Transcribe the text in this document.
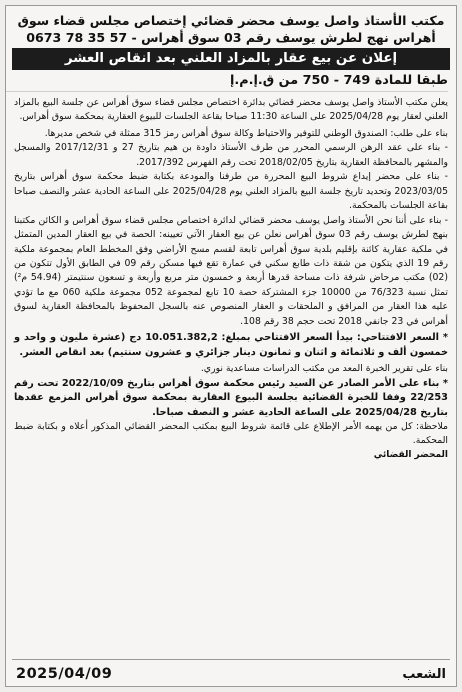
مكتب الأستاذ واصل يوسف محضر قضائي إختصاص مجلس قضاء سوق
أهراس نهج لطرش يوسف رقم 03 سوق أهراس - 57 35 78 0673
إعلان عن بيع عقار بالمزاد العلني بعد انقاص العشر
طبقا للمادة 749 - 750 من ق.إ.م.إ

يعلن مكتب الأستاذ واصل يوسف محضر قضائي بدائرة اختصاص مجلس قضاء سوق أهراس عن جلسة البيع بالمزاد العلني لعقار يوم 2025/04/28 على الساعة 11:30 صباحا بقاعة الجلسات للبيوع العقارية بمحكمة سوق أهراس.

بناء على طلب: الصندوق الوطني للتوفير والاحتياط وكالة سوق أهراس رمز 315 ممثلة في شخص مديرها.

- بناء على عقد الرهن الرسمي المحرر من طرف الأستاذ داودة بن هيم بتاريخ 27 و 2017/12/31 والمسجل والمشهر بالمحافظة العقارية بتاريخ 2018/02/05 تحت رقم الفهرس 2017/392.

- بناء على محضر إيداع شروط البيع المحررة من طرفنا والمودعة بكتابة ضبط محكمة سوق أهراس بتاريخ 2023/03/05 وتحديد تاريخ جلسة البيع بالمزاد العلني يوم 2025/04/28 على الساعة الحادية عشر والنصف صباحا بقاعة الجلسات بالمحكمة.

- بناء على أننا نحن الأستاذ واصل يوسف محضر قضائي لدائرة اختصاص مجلس قضاء سوق أهراس و الكائن مكتبنا بنهج لطرش يوسف رقم 03 سوق أهراس نعلن عن بيع العقار الآتي تعيينه: الحصة في بيع العقار المدين المتمثل في ملكية عقارية كائنة بإقليم بلدية سوق أهراس تابعة لقسم مسح الأراضي وفق المخطط العام بمجموعة ملكية رقم 19 الذي يتكون من شقة ذات طابع سكني في عمارة تقع فيها مسكن رقم 09 في الطابق الأول تتكون من (02) مكتب مرحاض شرفة ذات مساحة قدرها أربعة و خمسون متر مربع وأربعة و تسعون سنتيمتر (54.94 م²) تمثل نسبة 76/323 من 10000 جزء المشتركة حصة 10 تابع لمجموعة 052 مجموعة ملكية 060 مع ما تؤدي عليه هذا العقار من المرافق و الملحقات و العقار المنصوص عنه بالسجل المحفوظ بالمحافظة العقارية لسوق أهراس في 23 جانفي 2018 تحت حجم 38 رقم 108.

* السعر الافتتاحي: بيدأ السعر الافتتاحي بمبلغ: 10.051.382,2 دج (عشرة مليون و واحد و خمسون ألف و ثلاثمائة و اثنان و ثمانون دينار جزائري و عشرون سنتيم) بعد انقاص العشر.

بناء على تقرير الخبرة المعد من مكتب الدراسات مساعدية نوري.

* بناء على الأمر الصادر عن السيد رئيس محكمة سوق أهراس بتاريخ 2022/10/09 تحت رقم 22/253 وفقا للخبرة القضائية بجلسة البيوع العقارية بمحكمة سوق أهراس المزمع عقدها بتاريخ 2025/04/28 على الساعة الحادية عشر و النصف صباحا.

ملاحظة: كل من يهمه الأمر الإطلاع على قائمة شروط البيع بمكتب المحضر القضائي المذكور أعلاه و بكتابة ضبط المحكمة.

المحضر القضائي
الشعب
2025/04/09
